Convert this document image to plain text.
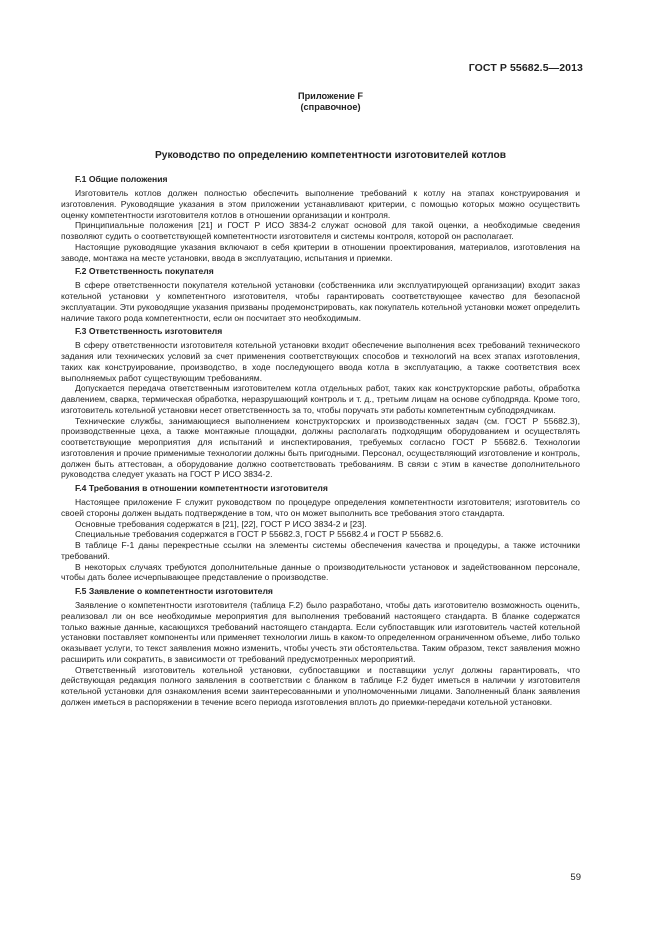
ГОСТ Р 55682.5—2013
Приложение F
(справочное)
Руководство по определению компетентности изготовителей котлов
F.1 Общие положения

Изготовитель котлов должен полностью обеспечить выполнение требований к котлу на этапах конструирования и изготовления. Руководящие указания в этом приложении устанавливают критерии, с помощью которых можно осуществить оценку компетентности изготовителя котлов в отношении организации и контроля.

Принципиальные положения [21] и ГОСТ Р ИСО 3834-2 служат основой для такой оценки, а необходимые сведения позволяют судить о соответствующей компетентности изготовителя и системы контроля, которой он располагает.

Настоящие руководящие указания включают в себя критерии в отношении проектирования, материалов, изготовления на заводе, монтажа на месте установки, ввода в эксплуатацию, испытания и приемки.

F.2 Ответственность покупателя

В сфере ответственности покупателя котельной установки (собственника или эксплуатирующей организации) входит заказ котельной установки у компетентного изготовителя, чтобы гарантировать соответствующее качество для безопасной эксплуатации. Эти руководящие указания призваны продемонстрировать, как покупатель котельной установки может определить наличие такого рода компетентности, если он посчитает это необходимым.

F.3 Ответственность изготовителя

В сферу ответственности изготовителя котельной установки входит обеспечение выполнения всех требований технического задания или технических условий за счет применения соответствующих способов и технологий на всех этапах изготовления, таких как конструирование, производство, в ходе последующего ввода котла в эксплуатацию, а также соответствия всех выполняемых работ существующим требованиям.

Допускается передача ответственным изготовителем котла отдельных работ, таких как конструкторские работы, обработка давлением, сварка, термическая обработка, неразрушающий контроль и т. д., третьим лицам на основе субподряда. Кроме того, изготовитель котельной установки несет ответственность за то, чтобы поручать эти работы компетентным субподрядчикам.

Технические службы, занимающиеся выполнением конструкторских и производственных задач (см. ГОСТ Р 55682.3), производственные цеха, а также монтажные площадки, должны располагать подходящим оборудованием и осуществлять соответствующие мероприятия для испытаний и инспектирования, требуемых согласно ГОСТ Р 55682.6. Технологии изготовления и прочие применимые технологии должны быть пригодными. Персонал, осуществляющий изготовление и контроль, должен быть аттестован, а оборудование должно соответствовать требованиям. В связи с этим в качестве дополнительного руководства следует указать на ГОСТ Р ИСО 3834-2.

F.4 Требования в отношении компетентности изготовителя

Настоящее приложение F служит руководством по процедуре определения компетентности изготовителя; изготовитель со своей стороны должен выдать подтверждение в том, что он может выполнить все требования этого стандарта.

Основные требования содержатся в [21], [22], ГОСТ Р ИСО 3834-2 и [23].

Специальные требования содержатся в ГОСТ Р 55682.3, ГОСТ Р 55682.4 и ГОСТ Р 55682.6.

В таблице F-1 даны перекрестные ссылки на элементы системы обеспечения качества и процедуры, а также источники требований.

В некоторых случаях требуются дополнительные данные о производительности установок и задействованном персонале, чтобы дать более исчерпывающее представление о производстве.

F.5 Заявление о компетентности изготовителя

Заявление о компетентности изготовителя (таблица F.2) было разработано, чтобы дать изготовителю возможность оценить, реализовал ли он все необходимые мероприятия для выполнения требований настоящего стандарта. В бланке содержатся только важные данные, касающихся требований настоящего стандарта. Если субпоставщик или изготовитель частей котельной установки поставляет компоненты или применяет технологии лишь в каком-то определенном ограниченном объеме, либо только оказывает услуги, то текст заявления можно изменить, чтобы учесть эти обстоятельства. Таким образом, текст заявления можно расширить или сократить, в зависимости от требований предусмотренных мероприятий.

Ответственный изготовитель котельной установки, субпоставщики и поставщики услуг должны гарантировать, что действующая редакция полного заявления в соответствии с бланком в таблице F.2 будет иметься в наличии у изготовителя котельной установки для ознакомления всеми заинтересованными и уполномоченными лицами. Заполненный бланк заявления должен иметься в распоряжении в течение всего периода изготовления вплоть до приемки-передачи котельной установки.

59
